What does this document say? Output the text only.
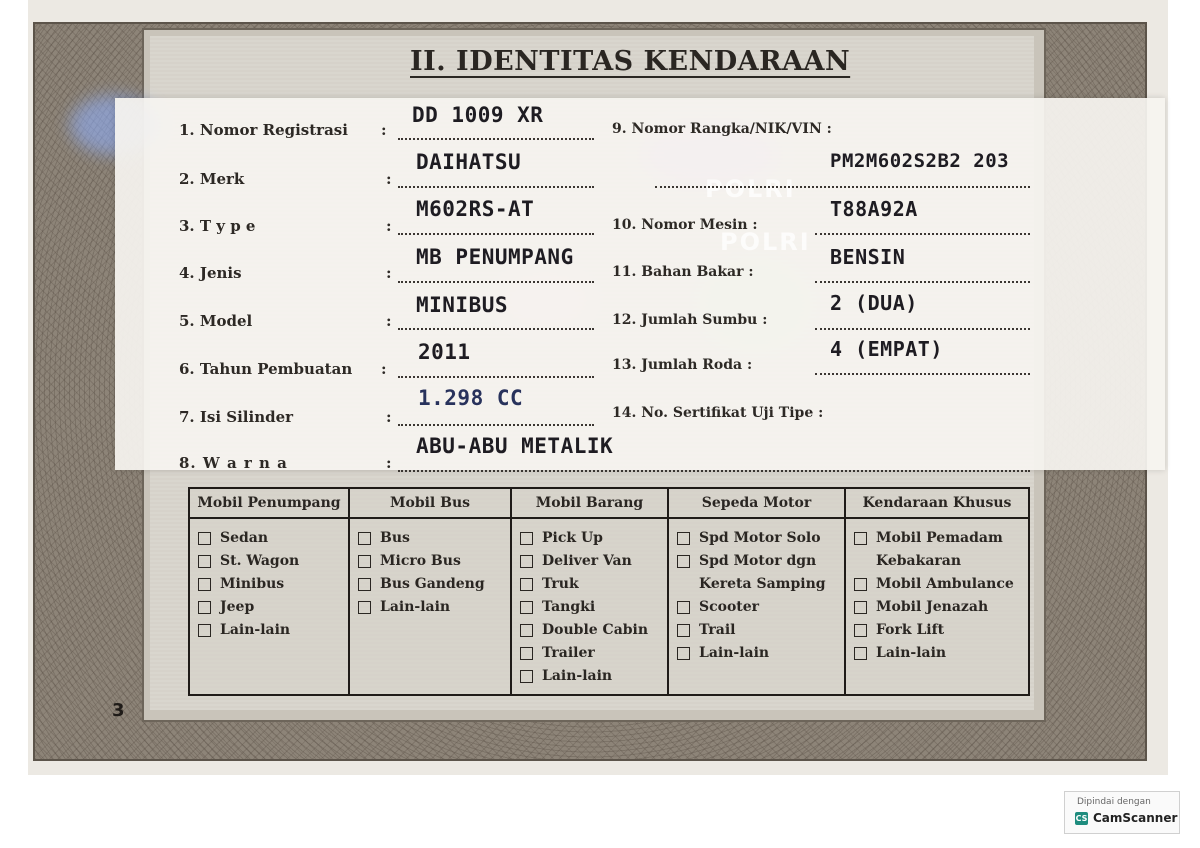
POLRI
POLRI
II. IDENTITAS KENDARAAN
1. Nomor Registrasi :
DD 1009 XR
2. Merk	:
DAIHATSU
3. T y p e	:
M602RS-AT
4. Jenis	:
MB PENUMPANG
5. Model	:
MINIBUS
6. Tahun Pembuatan :
2011
7. Isi Silinder	:
1.298 CC
8. W a r n a	:
ABU-ABU METALIK
9. Nomor Rangka/NIK/VIN :
PM2M602S2B2 203
10. Nomor Mesin :
T88A92A
11. Bahan Bakar :
BENSIN
12. Jumlah Sumbu :
2 (DUA)
13. Jumlah Roda :
4 (EMPAT)
14. No. Sertifikat Uji Tipe :
Mobil Penumpang
Sedan
St. Wagon
Minibus
Jeep
Lain-lain
Mobil Bus
Bus
Micro Bus
Bus Gandeng
Lain-lain
Mobil Barang
Pick Up
Deliver Van
Truk
Tangki
Double Cabin
Trailer
Lain-lain
Sepeda Motor
Spd Motor Solo
Spd Motor dgn
Kereta Samping
Scooter
Trail
Lain-lain
Kendaraan Khusus
Mobil Pemadam
Kebakaran
Mobil Ambulance
Mobil Jenazah
Fork Lift
Lain-lain
3
Dipindai dengan
CS CamScanner
